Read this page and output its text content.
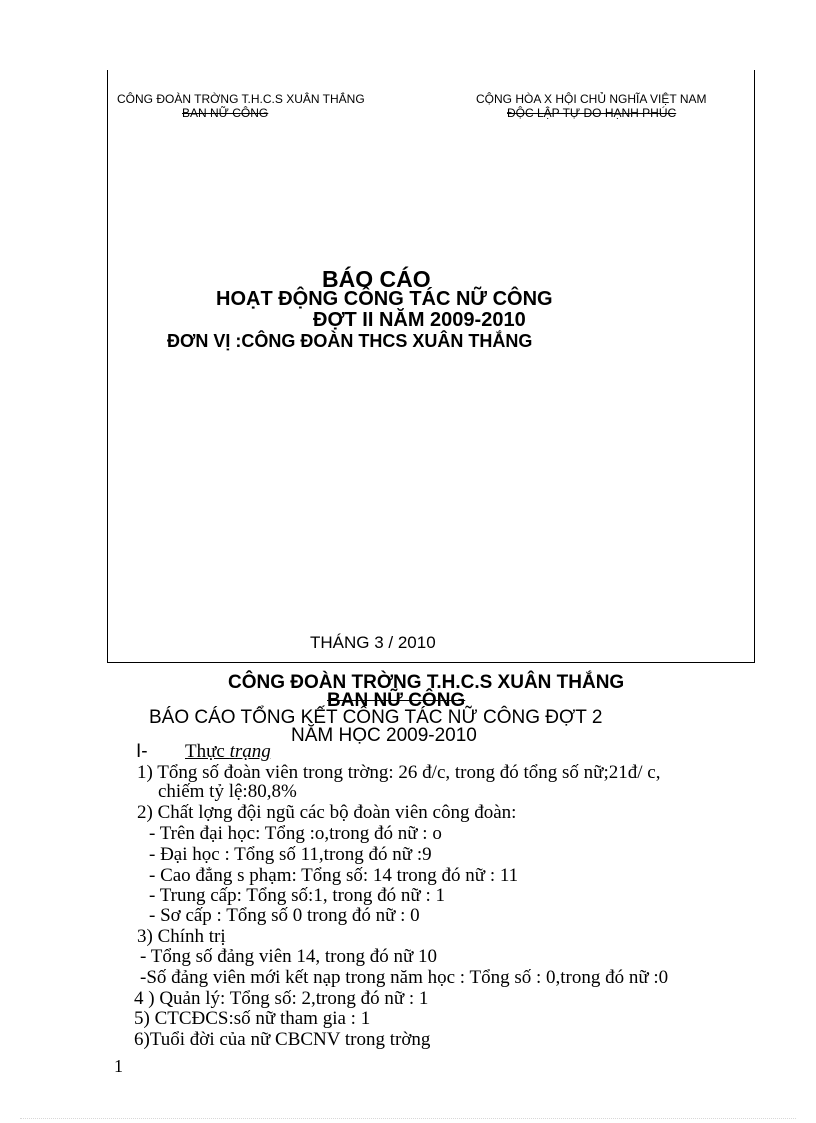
CÔNG ĐOÀN TRỜNG T.H.C.S XUÂN THẮNG
BAN NỮ CÔNG
CỘNG HÒA X HỘI CHỦ NGHĨA VIỆT NAM
ĐỘC LẬP TỰ DO HẠNH PHÚC
BÁO CÁO
HOẠT ĐỘNG CÔNG TÁC NỮ CÔNG
ĐỢT II NĂM 2009-2010
ĐƠN VỊ :CÔNG ĐOÀN THCS XUÂN THẮNG
THÁNG 3 / 2010
CÔNG ĐOÀN TRỜNG T.H.C.S XUÂN THẮNG
BAN NỮ CÔNG
BÁO CÁO TỔNG KẾT CÔNG TÁC NỮ CÔNG ĐỢT 2
NĂM HỌC 2009-2010
I- Thực trạng
1) Tổng số đoàn viên trong trờng: 26 đ/c, trong đó tổng số nữ;21đ/ c,
chiếm tỷ lệ:80,8%
2) Chất lợng đội ngũ các bộ đoàn viên công đoàn:
- Trên đại học: Tổng :o,trong đó nữ : o
- Đại học : Tổng số 11,trong đó nữ :9
- Cao đẳng s phạm: Tổng số: 14 trong đó nữ : 11
- Trung cấp: Tổng số:1, trong đó nữ : 1
- Sơ cấp : Tổng số 0 trong đó nữ : 0
3) Chính trị
- Tổng số đảng viên 14, trong đó nữ 10
-Số đảng viên mới kết nạp trong năm học : Tổng số : 0,trong đó nữ :0
4 ) Quản lý: Tổng số: 2,trong đó nữ : 1
5) CTCĐCS:số nữ tham gia : 1
6)Tuổi đời của nữ CBCNV trong trờng
1
